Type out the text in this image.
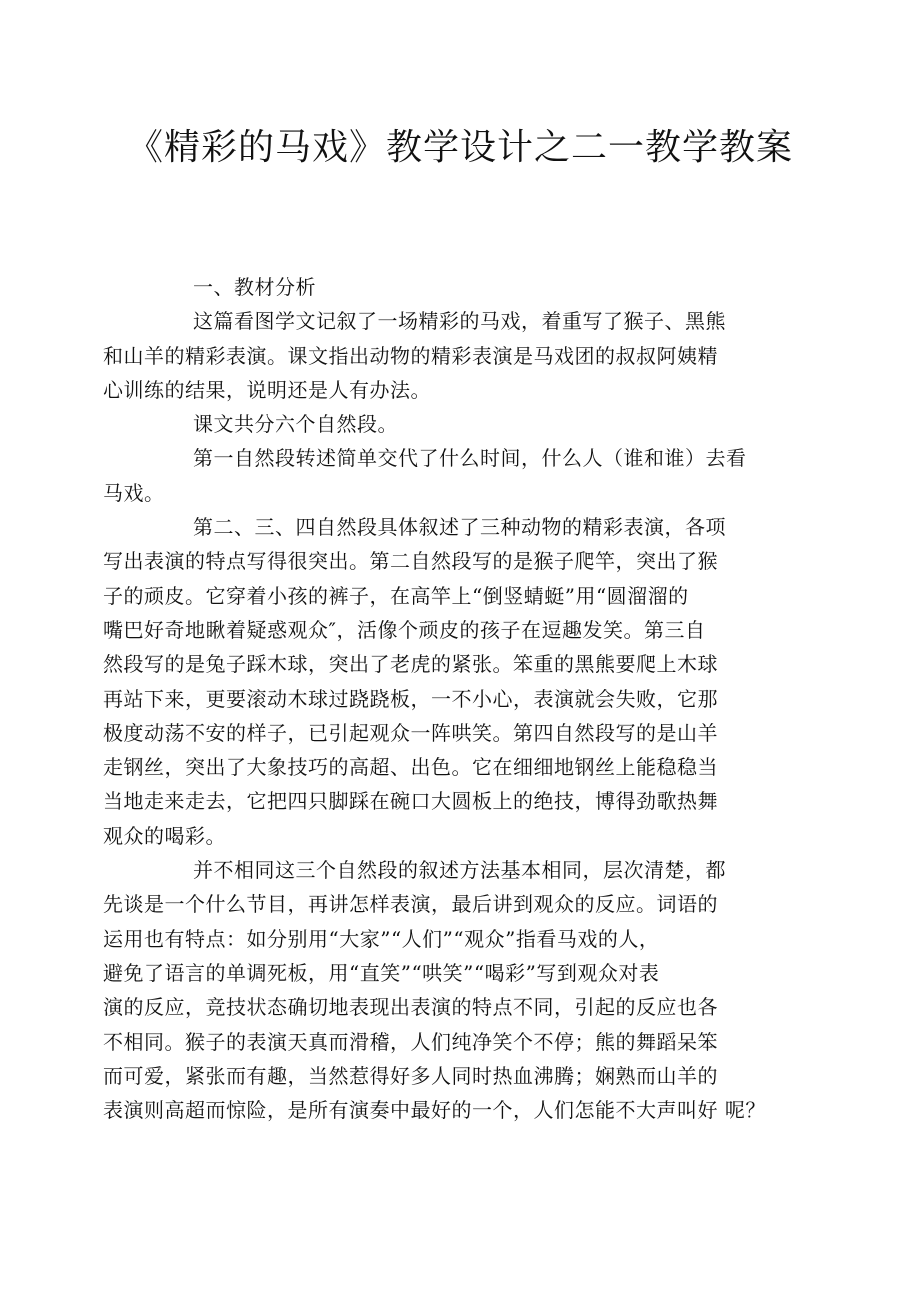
《精彩的马戏》教学设计之二一教学教案
一、教材分析
这篇看图学文记叙了一场精彩的马戏，着重写了猴子、黑熊
和山羊的精彩表演。课文指出动物的精彩表演是马戏团的叔叔阿姨精
心训练的结果，说明还是人有办法。
课文共分六个自然段。
第一自然段转述简单交代了什么时间，什么人（谁和谁）去看
马戏。
第二、三、四自然段具体叙述了三种动物的精彩表演，各项
写出表演的特点写得很突出。第二自然段写的是猴子爬竿，突出了猴
子的顽皮。它穿着小孩的裤子，在高竿上“倒竖蜻蜓”用“圆溜溜的
嘴巴好奇地瞅着疑惑观众″，活像个顽皮的孩子在逗趣发笑。第三自
然段写的是兔子踩木球，突出了老虎的紧张。笨重的黑熊要爬上木球
再站下来，更要滚动木球过跷跷板，一不小心，表演就会失败，它那
极度动荡不安的样子，已引起观众一阵哄笑。第四自然段写的是山羊
走钢丝，突出了大象技巧的高超、出色。它在细细地钢丝上能稳稳当
当地走来走去，它把四只脚踩在碗口大圆板上的绝技，博得劲歌热舞
观众的喝彩。
并不相同这三个自然段的叙述方法基本相同，层次清楚，都
先谈是一个什么节目，再讲怎样表演，最后讲到观众的反应。词语的
运用也有特点：如分别用“大家”“人们”“观众”指看马戏的人，
避免了语言的单调死板，用“直笑”“哄笑”“喝彩”写到观众对表
演的反应，竞技状态确切地表现出表演的特点不同，引起的反应也各
不相同。猴子的表演天真而滑稽，人们纯净笑个不停；熊的舞蹈呆笨
而可爱，紧张而有趣，当然惹得好多人同时热血沸腾；娴熟而山羊的
表演则高超而惊险，是所有演奏中最好的一个，人们怎能不大声叫好 呢？
